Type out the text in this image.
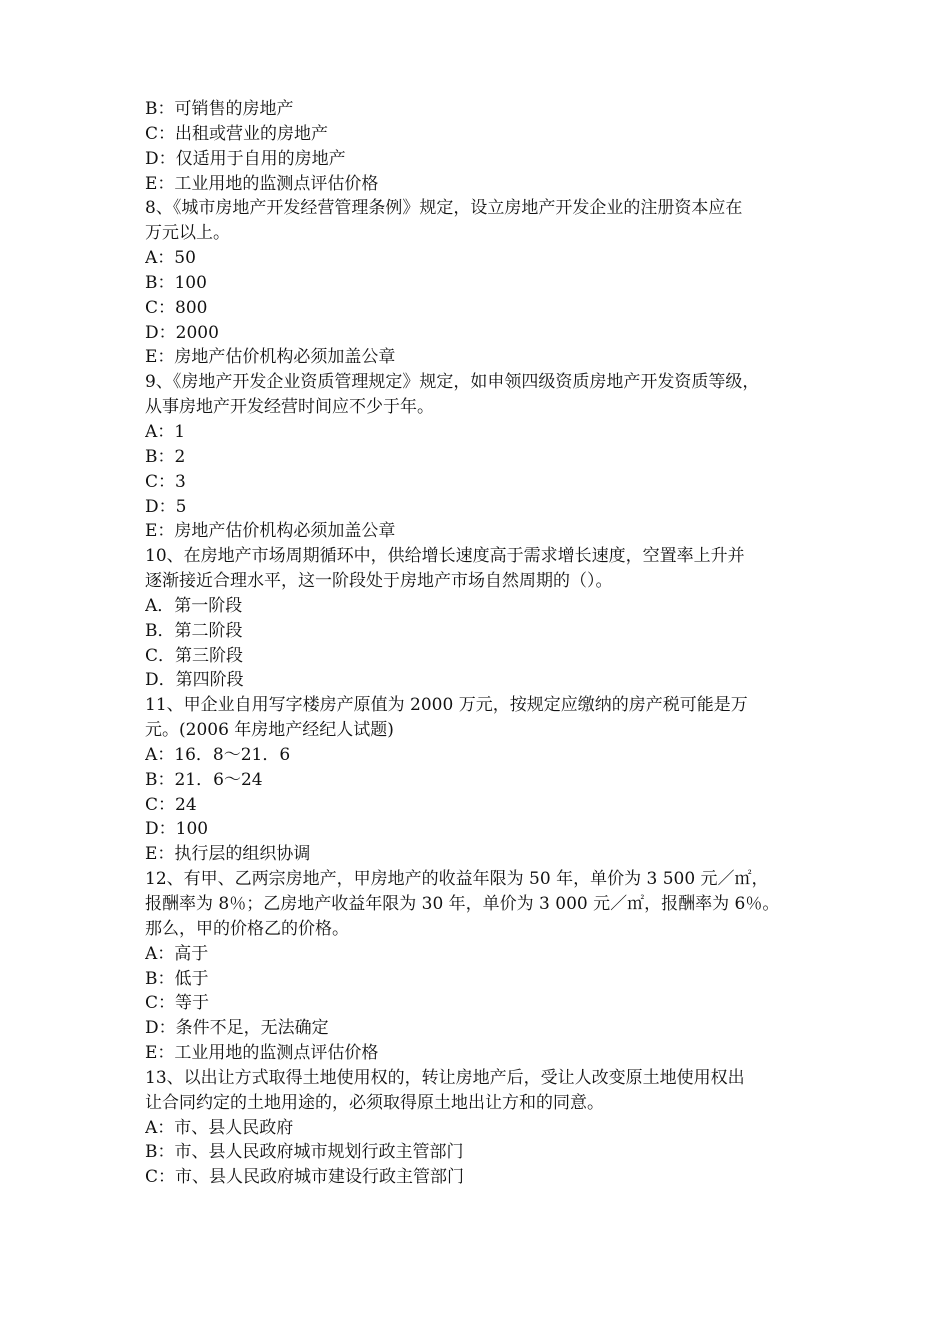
B：可销售的房地产
C：出租或营业的房地产
D：仅适用于自用的房地产
E：工业用地的监测点评估价格
8、《城市房地产开发经营管理条例》规定，设立房地产开发企业的注册资本应在
万元以上。
A：50
B：100
C：800
D：2000
E：房地产估价机构必须加盖公章
9、《房地产开发企业资质管理规定》规定，如申领四级资质房地产开发资质等级，
从事房地产开发经营时间应不少于年。
A：1
B：2
C：3
D：5
E：房地产估价机构必须加盖公章
10、在房地产市场周期循环中，供给增长速度高于需求增长速度，空置率上升并
逐渐接近合理水平，这一阶段处于房地产市场自然周期的（）。
A．第一阶段
B．第二阶段
C．第三阶段
D．第四阶段
11、甲企业自用写字楼房产原值为 2000 万元，按规定应缴纳的房产税可能是万
元。(2006 年房地产经纪人试题)
A：16．8～21．6
B：21．6～24
C：24
D：100
E：执行层的组织协调
12、有甲、乙两宗房地产，甲房地产的收益年限为 50 年，单价为 3 500 元／㎡，
报酬率为 8％；乙房地产收益年限为 30 年，单价为 3 000 元／㎡，报酬率为 6％。
那么，甲的价格乙的价格。
A：高于
B：低于
C：等于
D：条件不足，无法确定
E：工业用地的监测点评估价格
13、以出让方式取得土地使用权的，转让房地产后，受让人改变原土地使用权出
让合同约定的土地用途的，必须取得原土地出让方和的同意。
A：市、县人民政府
B：市、县人民政府城市规划行政主管部门
C：市、县人民政府城市建设行政主管部门
